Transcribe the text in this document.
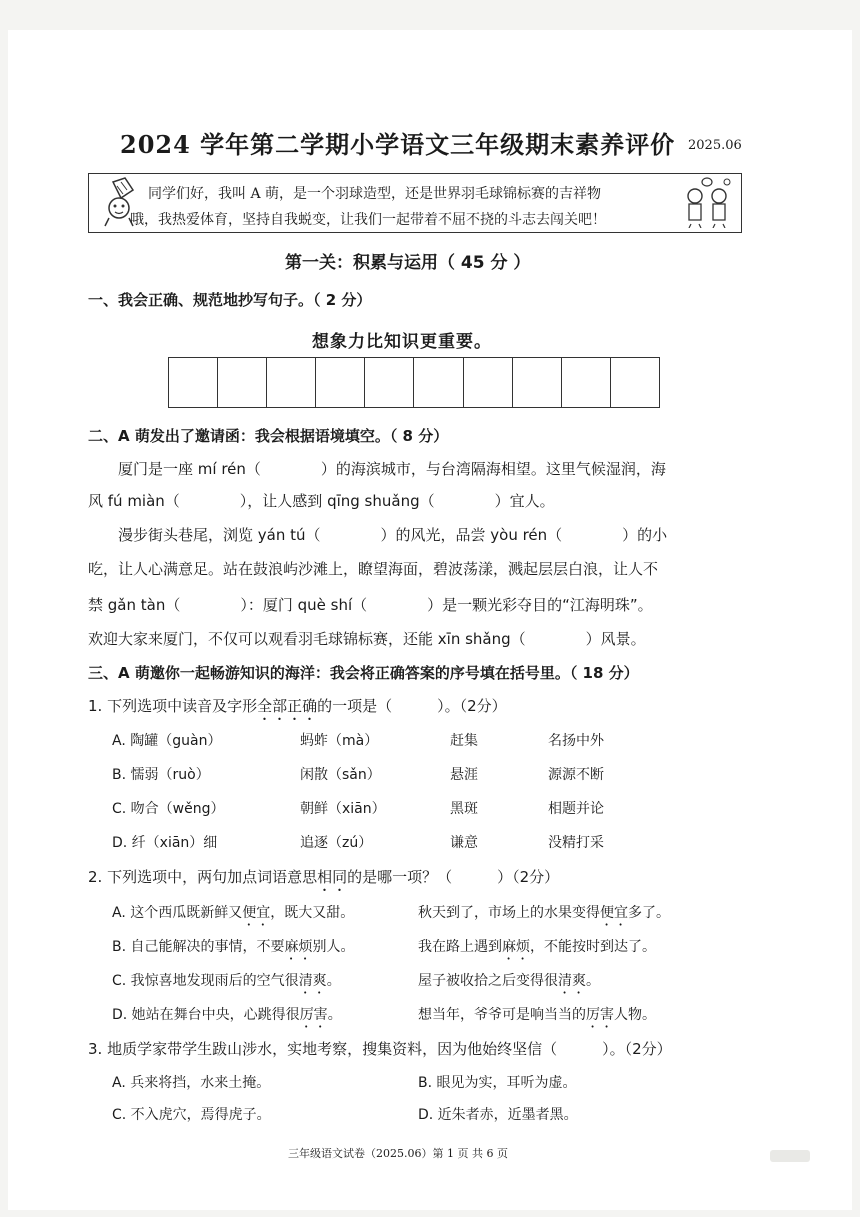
2024 学年第二学期小学语文三年级期末素养评价 2025.06
同学们好，我叫 A 萌，是一个羽球造型，还是世界羽毛球锦标赛的吉祥物
哦，我热爱体育，坚持自我蜕变，让我们一起带着不屈不挠的斗志去闯关吧！
第一关：积累与运用（ 45 分 ）
一、我会正确、规范地抄写句子。（ 2 分）
想象力比知识更重要。
二、A 萌发出了邀请函：我会根据语境填空。（ 8 分）
厦门是一座 mí rén（　　　　）的海滨城市，与台湾隔海相望。这里气候湿润，海
风 fú miàn（　　　　），让人感到 qīng shuǎng（　　　　）宜人。
漫步街头巷尾，浏览 yán tú（　　　　）的风光，品尝 yòu rén（　　　　）的小
吃，让人心满意足。站在鼓浪屿沙滩上，瞭望海面，碧波荡漾，溅起层层白浪，让人不
禁 gǎn tàn（　　　　）：厦门 què shí（　　　　）是一颗光彩夺目的“江海明珠”。
欢迎大家来厦门，不仅可以观看羽毛球锦标赛，还能 xīn shǎng（　　　　）风景。
三、A 萌邀你一起畅游知识的海洋：我会将正确答案的序号填在括号里。（ 18 分）
1. 下列选项中读音及字形全部正确的一项是（　　　）。（2分）
A. 陶罐（guàn）	蚂蚱（mà）	赶集	名扬中外
B. 懦弱（ruò）	闲散（sǎn）	悬涯	源源不断
C. 吻合（wěng）	朝鲜（xiān）	黑斑	相题并论
D. 纤（xiān）细	追逐（zú）	谦意	没精打采
2. 下列选项中，两句加点词语意思相同的是哪一项？（　　　）（2分）
A. 这个西瓜既新鲜又便宜，既大又甜。	秋天到了，市场上的水果变得便宜多了。
B. 自己能解决的事情，不要麻烦别人。	我在路上遇到麻烦，不能按时到达了。
C. 我惊喜地发现雨后的空气很清爽。	屋子被收拾之后变得很清爽。
D. 她站在舞台中央，心跳得很厉害。	想当年，爷爷可是响当当的厉害人物。
3. 地质学家带学生跋山涉水，实地考察，搜集资料，因为他始终坚信（　　　）。（2分）
A. 兵来将挡，水来土掩。	B. 眼见为实，耳听为虚。
C. 不入虎穴，焉得虎子。	D. 近朱者赤，近墨者黑。
三年级语文试卷（2025.06）第 1 页 共 6 页
